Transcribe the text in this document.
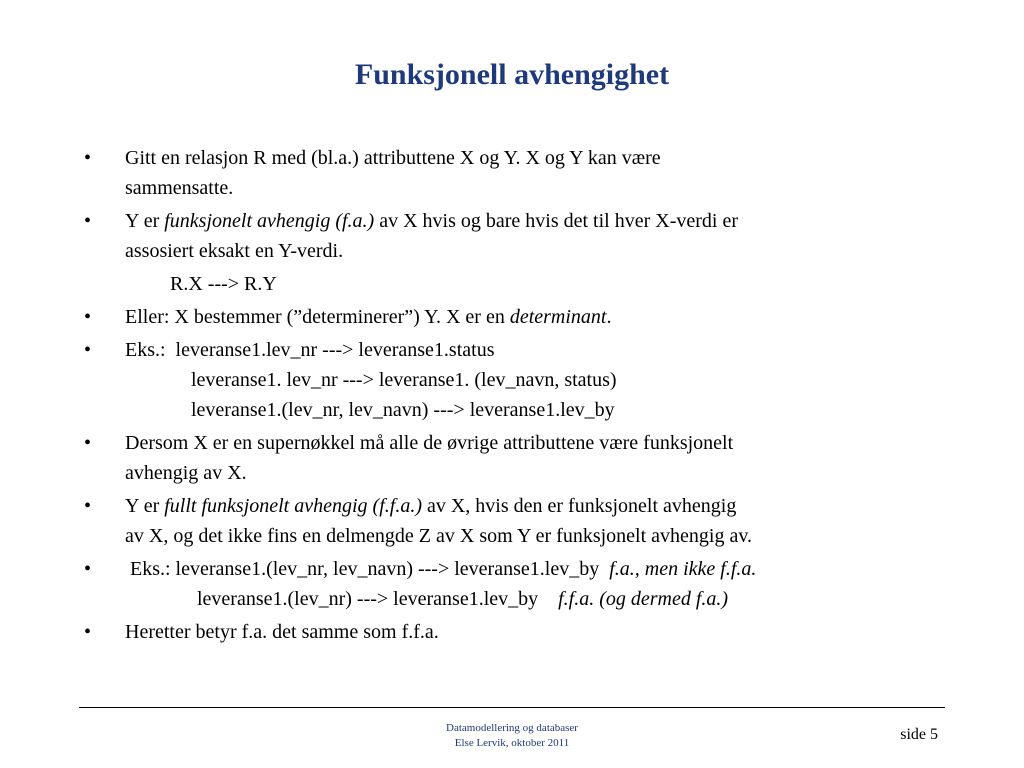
Funksjonell avhengighet
• Gitt en relasjon R med (bl.a.) attributtene X og Y. X og Y kan være
sammensatte.
• Y er funksjonelt avhengig (f.a.) av X hvis og bare hvis det til hver X-verdi er
assosiert eksakt en Y-verdi.
R.X ---> R.Y
• Eller: X bestemmer (”determinerer”) Y. X er en determinant.
• Eks.:  leveranse1.lev_nr ---> leveranse1.status
leveranse1. lev_nr ---> leveranse1. (lev_navn, status)
leveranse1.(lev_nr, lev_navn) ---> leveranse1.lev_by
• Dersom X er en supernøkkel må alle de øvrige attributtene være funksjonelt
avhengig av X.
• Y er fullt funksjonelt avhengig (f.f.a.) av X, hvis den er funksjonelt avhengig
av X, og det ikke fins en delmengde Z av X som Y er funksjonelt avhengig av.
• Eks.: leveranse1.(lev_nr, lev_navn) ---> leveranse1.lev_by  f.a., men ikke f.f.a.
leveranse1.(lev_nr) ---> leveranse1.lev_by    f.f.a. (og dermed f.a.)
• Heretter betyr f.a. det samme som f.f.a.
Datamodellering og databaser
Else Lervik, oktober 2011	side 5
